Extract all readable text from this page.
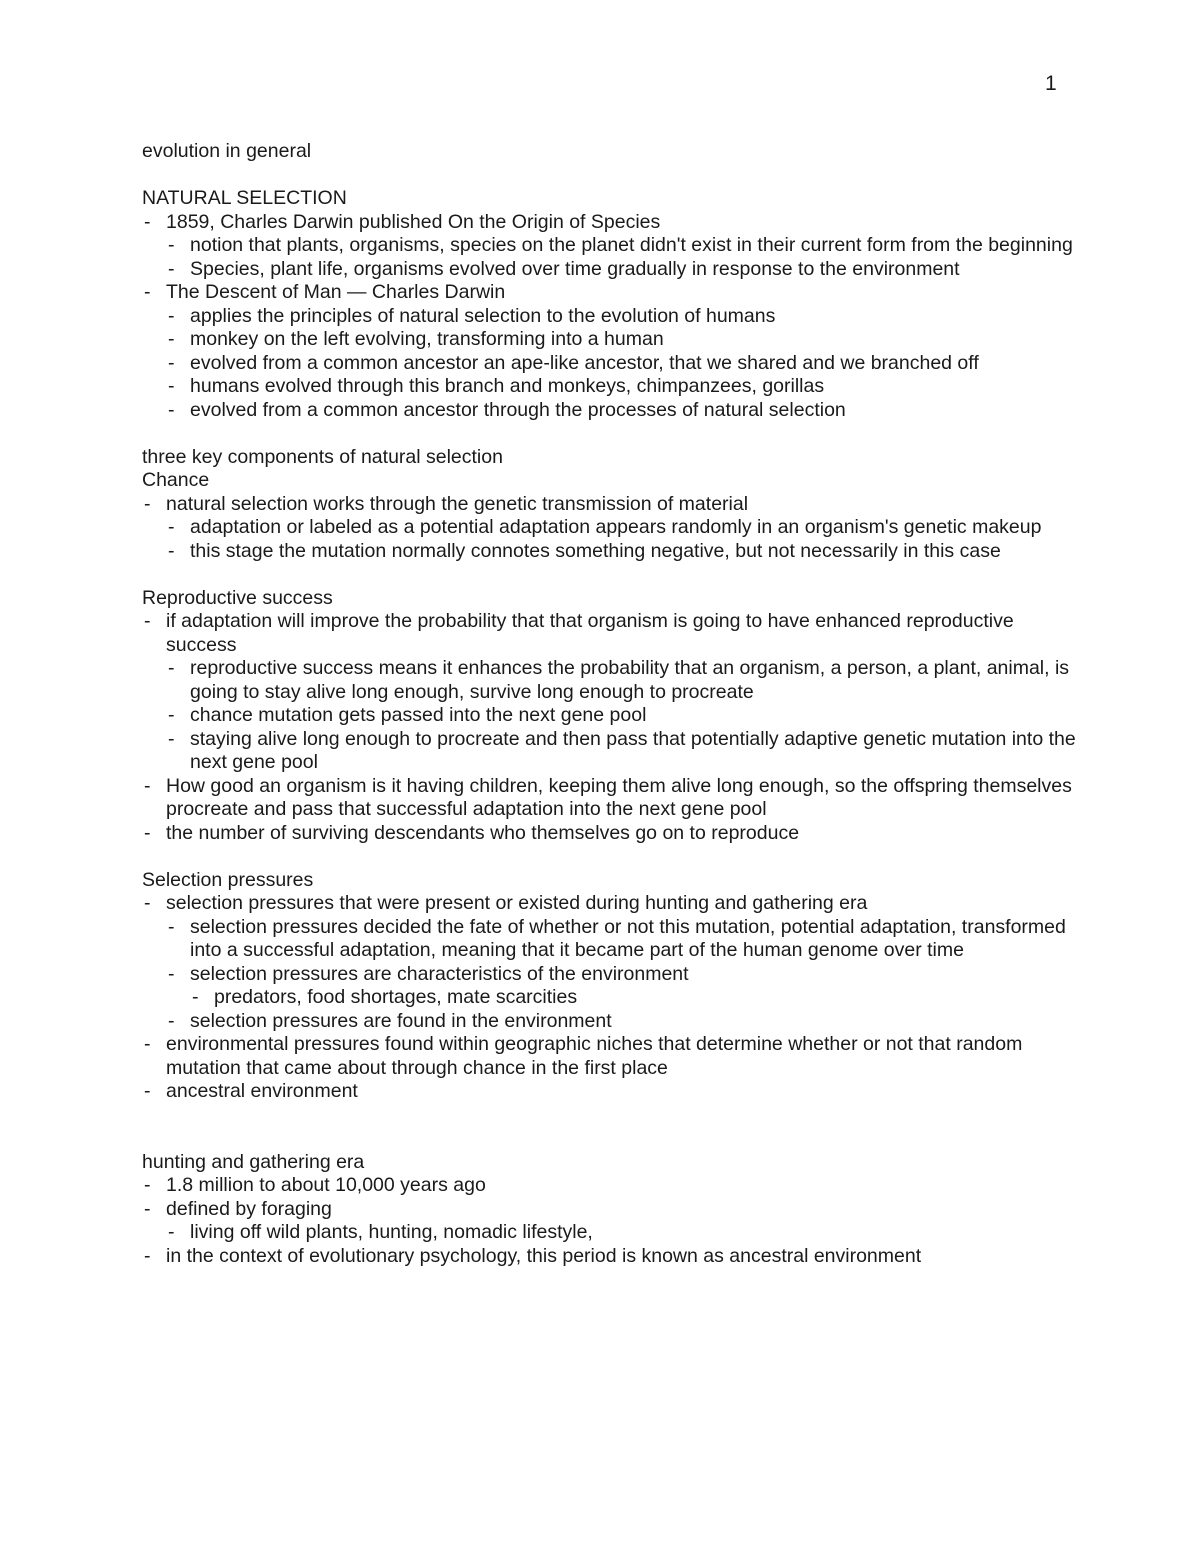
1

evolution in general

NATURAL SELECTION

- 1859, Charles Darwin published On the Origin of Species
- notion that plants, organisms, species on the planet didn't exist in their current form from the beginning
- Species, plant life, organisms evolved over time gradually in response to the environment
- The Descent of Man — Charles Darwin
- applies the principles of natural selection to the evolution of humans
- monkey on the left evolving, transforming into a human
- evolved from a common ancestor an ape-like ancestor, that we shared and we branched off
- humans evolved through this branch and monkeys, chimpanzees, gorillas
- evolved from a common ancestor through the processes of natural selection

three key components of natural selection

Chance

- natural selection works through the genetic transmission of material
- adaptation or labeled as a potential adaptation appears randomly in an organism's genetic makeup
- this stage the mutation normally connotes something negative, but not necessarily in this case

Reproductive success

- if adaptation will improve the probability that that organism is going to have enhanced reproductive success
- reproductive success means it enhances the probability that an organism, a person, a plant, animal, is going to stay alive long enough, survive long enough to procreate
- chance mutation gets passed into the next gene pool
- staying alive long enough to procreate and then pass that potentially adaptive genetic mutation into the next gene pool
- How good an organism is it having children, keeping them alive long enough, so the offspring themselves procreate and pass that successful adaptation into the next gene pool
- the number of surviving descendants who themselves go on to reproduce

Selection pressures

- selection pressures that were present or existed during hunting and gathering era
- selection pressures decided the fate of whether or not this mutation, potential adaptation, transformed into a successful adaptation, meaning that it became part of the human genome over time
- selection pressures are characteristics of the environment
- predators, food shortages, mate scarcities
- selection pressures are found in the environment
- environmental pressures found within geographic niches that determine whether or not that random mutation that came about through chance in the first place
- ancestral environment

hunting and gathering era

- 1.8 million to about 10,000 years ago
- defined by foraging
- living off wild plants, hunting, nomadic lifestyle,
- in the context of evolutionary psychology, this period is known as ancestral environment
